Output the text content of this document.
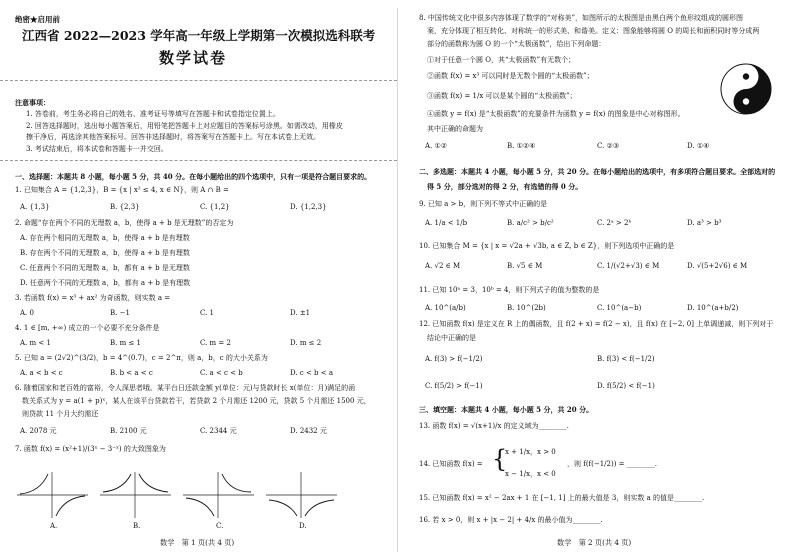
绝密★启用前
江西省 2022—2023 学年高一年级上学期第一次模拟选科联考
数学试卷
注意事项：
1. 答卷前，考生务必将自己的姓名、准考证号等填写在答题卡和试卷指定位置上。
2. 回答选择题时，选出每小题答案后，用铅笔把答题卡上对应题目的答案标号涂黑。如需改动，用橡皮
擦干净后，再选涂其他答案标号。回答非选择题时，将答案写在答题卡上。写在本试卷上无效。
3. 考试结束后，将本试卷和答题卡一并交回。
一、选择题：本题共 8 小题，每小题 5 分，共 40 分。在每小题给出的四个选项中，只有一项是符合题目要求的。
1. 已知集合 A = {1,2,3}，B = {x | x² ≤ 4, x ∈ N}，则 A ∩ B =
A. {1,3}	B. {2,3}	C. {1,2}	D. {1,2,3}
2. 命题“存在两个不同的无理数 a，b，使得 a + b 是无理数”的否定为
A. 存在两个相同的无理数 a，b，使得 a + b 是有理数
B. 存在两个不同的无理数 a，b，使得 a + b 是有理数
C. 任意两个不同的无理数 a，b，都有 a + b 是无理数
D. 任意两个不同的无理数 a，b，都有 a + b 是有理数
3. 若函数 f(x) = x³ + ax² 为奇函数，则实数 a =
A. 0	B. −1	C. 1	D. ±1
4. 1 ∈ [m, +∞) 成立的一个必要不充分条件是
A. m < 1	B. m ≤ 1	C. m = 2	D. m ≤ 2
5. 已知 a = (2√2)^(3/2)，b = 4^(0.7)，c = 2^π，则 a，b，c 的大小关系为
A. a < b < c	B. b < a < c	C. a < c < b	D. c < b < a
6. 随着国家和老百姓的富裕，令人深思者哦。某平台日还款金额 y(单位：元)与贷款时长 x(单位：月)满足的函
数关系式为 y = a(1 + p)ˣ，某人在该平台贷款若干，若贷款 2 个月需还 1200 元，贷款 5 个月需还 1500 元，
则贷款 11 个月大约需还
A. 2078 元	B. 2100 元	C. 2344 元	D. 2432 元
7. 函数 f(x) = (x²+1)/(3ˣ − 3⁻ˣ) 的大致图象为
A.	B.	C.	D.
数学　第 1 页(共 4 页)
8. 中国传统文化中很多内容体现了数学的“对称美”，如图所示的太极图是由黑白两个鱼形纹组成的圆形图
案，充分体现了相互转化、对称统一的形式美、和谐美。定义：图象能够将圆 O 的周长和面积同时等分成两
部分的函数称为圆 O 的一个“太极函数”，给出下列命题：
①对于任意一个圆 O，其“太极函数”有无数个；
②函数 f(x) = x³ 可以同时是无数个圆的“太极函数”；
③函数 f(x) = 1/x 可以是某个圆的“太极函数”；
④函数 y = f(x) 是“太极函数”的充要条件为函数 y = f(x) 的图象是中心对称图形。
其中正确的命题为
A. ①②	B. ①②④	C. ②③	D. ①④
二、多选题：本题共 4 小题，每小题 5 分，共 20 分。在每小题给出的选项中，有多项符合题目要求。全部选对的
得 5 分，部分选对的得 2 分，有选错的得 0 分。
9. 已知 a > b，则下列不等式中正确的是
A. 1/a < 1/b	B. a/c² > b/c²	C. 2ᵃ > 2ᵇ	D. a³ > b³
10. 已知集合 M = {x | x = √2a + √3b, a ∈ Z, b ∈ Z}，则下列选项中正确的是
A. √2 ∈ M	B. √5 ∈ M	C. 1/(√2+√3) ∈ M	D. √(5+2√6) ∈ M
11. 已知 10ᵃ = 3，10ᵇ = 4，则下列式子的值为整数的是
A. 10^(a/b)	B. 10^(2b)	C. 10^(a−b)	D. 10^(a+b/2)
12. 已知函数 f(x) 是定义在 R 上的偶函数，且 f(2 + x) = f(2 − x)，且 f(x) 在 [−2, 0] 上单调递减，则下列对于
结论中正确的是
A. f(3) > f(−1/2)	B. f(3) < f(−1/2)
C. f(5/2) > f(−1)	D. f(5/2) < f(−1)
三、填空题：本题共 4 小题，每小题 5 分，共 20 分。
13. 函数 f(x) = √(x+1)/x 的定义域为________.
14. 已知函数 f(x) = {
x + 1/x，x > 0
x − 1/x，x < 0
，则 f(f(−1/2)) = ________.
15. 已知函数 f(x) = x² − 2ax + 1 在 [−1, 1] 上的最大值是 3，则实数 a 的值是________.
16. 若 x > 0，则 x + |x − 2| + 4/x 的最小值为________.
数学　第 2 页(共 4 页)
